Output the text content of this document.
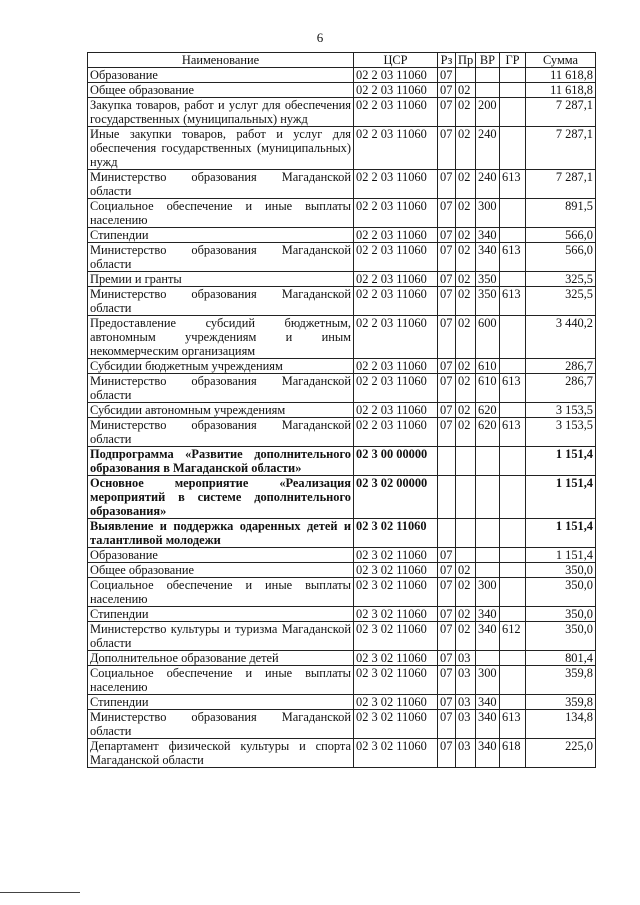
6
Наименование	ЦСР	Рз	Пр	ВР	ГР	Сумма
Образование	02 2 03 11060	07				11 618,8
Общее образование	02 2 03 11060	07	02			11 618,8
Закупка товаров, работ и услуг для обеспечения государственных (муниципальных) нужд	02 2 03 11060	07	02	200		7 287,1
Иные закупки товаров, работ и услуг для обеспечения государственных (муниципальных) нужд	02 2 03 11060	07	02	240		7 287,1
Министерство образования Магаданской области	02 2 03 11060	07	02	240	613	7 287,1
Социальное обеспечение и иные выплаты населению	02 2 03 11060	07	02	300		891,5
Стипендии	02 2 03 11060	07	02	340		566,0
Министерство образования Магаданской области	02 2 03 11060	07	02	340	613	566,0
Премии и гранты	02 2 03 11060	07	02	350		325,5
Министерство образования Магаданской области	02 2 03 11060	07	02	350	613	325,5
Предоставление субсидий бюджетным, автономным учреждениям и иным некоммерческим организациям	02 2 03 11060	07	02	600		3 440,2
Субсидии бюджетным учреждениям	02 2 03 11060	07	02	610		286,7
Министерство образования Магаданской области	02 2 03 11060	07	02	610	613	286,7
Субсидии автономным учреждениям	02 2 03 11060	07	02	620		3 153,5
Министерство образования Магаданской области	02 2 03 11060	07	02	620	613	3 153,5
Подпрограмма «Развитие дополнительного образования в Магаданской области»	02 3 00 00000					1 151,4
Основное мероприятие «Реализация мероприятий в системе дополнительного образования»	02 3 02 00000					1 151,4
Выявление и поддержка одаренных детей и талантливой молодежи	02 3 02 11060					1 151,4
Образование	02 3 02 11060	07				1 151,4
Общее образование	02 3 02 11060	07	02			350,0
Социальное обеспечение и иные выплаты населению	02 3 02 11060	07	02	300		350,0
Стипендии	02 3 02 11060	07	02	340		350,0
Министерство культуры и туризма Магаданской области	02 3 02 11060	07	02	340	612	350,0
Дополнительное образование детей	02 3 02 11060	07	03			801,4
Социальное обеспечение и иные выплаты населению	02 3 02 11060	07	03	300		359,8
Стипендии	02 3 02 11060	07	03	340		359,8
Министерство образования Магаданской области	02 3 02 11060	07	03	340	613	134,8
Департамент физической культуры и спорта Магаданской области	02 3 02 11060	07	03	340	618	225,0
